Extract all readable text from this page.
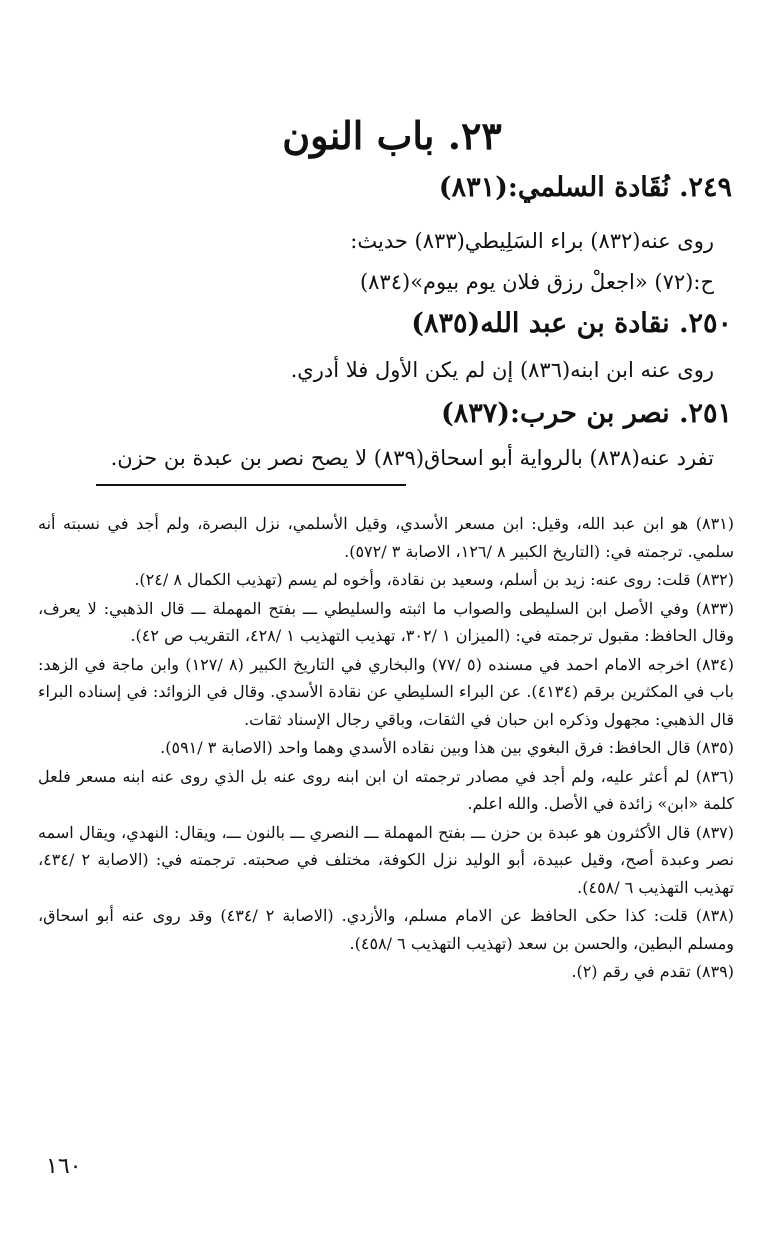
٢٣. باب النون
٢٤٩. نُقَادة السلمي:(٨٣١)
روى عنه(٨٣٢) براء السَلِيطي(٨٣٣) حديث:
ح:(٧٢) «اجعلْ رزق فلان يوم بيوم»(٨٣٤)
٢٥٠. نقادة بن عبد الله(٨٣٥)
روى عنه ابن ابنه(٨٣٦) إن لم يكن الأول فلا أدري.
٢٥١. نصر بن حرب:(٨٣٧)
تفرد عنه(٨٣٨) بالرواية أبو اسحاق(٨٣٩) لا يصح نصر بن عبدة بن حزن.

(٨٣١) هو ابن عبد الله، وقيل: ابن مسعر الأسدي، وقيل الأسلمي، نزل البصرة، ولم أجد في نسبته أنه سلمي. ترجمته في: (التاريخ الكبير ٨ /١٢٦، الاصابة ٣ /٥٧٢).

(٨٣٢) قلت: روى عنه: زيد بن أسلم، وسعيد بن نقادة، وأخوه لم يسم (تهذيب الكمال ٨ /٢٤).

(٨٣٣) وفي الأصل ابن السليطى والصواب ما اثبته والسليطي ـــ بفتح المهملة ـــ قال الذهبي: لا يعرف، وقال الحافظ: مقبول ترجمته في: (الميزان ١ /٣٠٢، تهذيب التهذيب ١ /٤٢٨، التقريب ص ٤٢).

(٨٣٤) اخرجه الامام احمد في مسنده (٥ /٧٧) والبخاري في التاريخ الكبير (٨ /١٢٧) وابن ماجة في الزهد: باب في المكثرين برقم (٤١٣٤). عن البراء السليطي عن نقادة الأسدي. وقال في الزوائد: في إسناده البراء قال الذهبي: مجهول وذكره ابن حبان في الثقات، وباقي رجال الإسناد ثقات.

(٨٣٥) قال الحافظ: فرق البغوي بين هذا وبين نقاده الأسدي وهما واحد (الاصابة ٣ /٥٩١).

(٨٣٦) لم أعثر عليه، ولم أجد في مصادر ترجمته ان ابن ابنه روى عنه بل الذي روى عنه ابنه مسعر فلعل كلمة «ابن» زائدة في الأصل. والله اعلم.

(٨٣٧) قال الأكثرون هو عبدة بن حزن ـــ بفتح المهملة ـــ النصري ـــ بالنون ـــ، ويقال: النهدي، ويقال اسمه نصر وعبدة أصح، وقيل عبيدة، أبو الوليد نزل الكوفة، مختلف في صحبته. ترجمته في: (الاصابة ٢ /٤٣٤، تهذيب التهذيب ٦ /٤٥٨).

(٨٣٨) قلت: كذا حكى الحافظ عن الامام مسلم، والأزدي. (الاصابة ٢ /٤٣٤) وقد روى عنه أبو اسحاق، ومسلم البطين، والحسن بن سعد (تهذيب التهذيب ٦ /٤٥٨).

(٨٣٩) تقدم في رقم (٢).

١٦٠
